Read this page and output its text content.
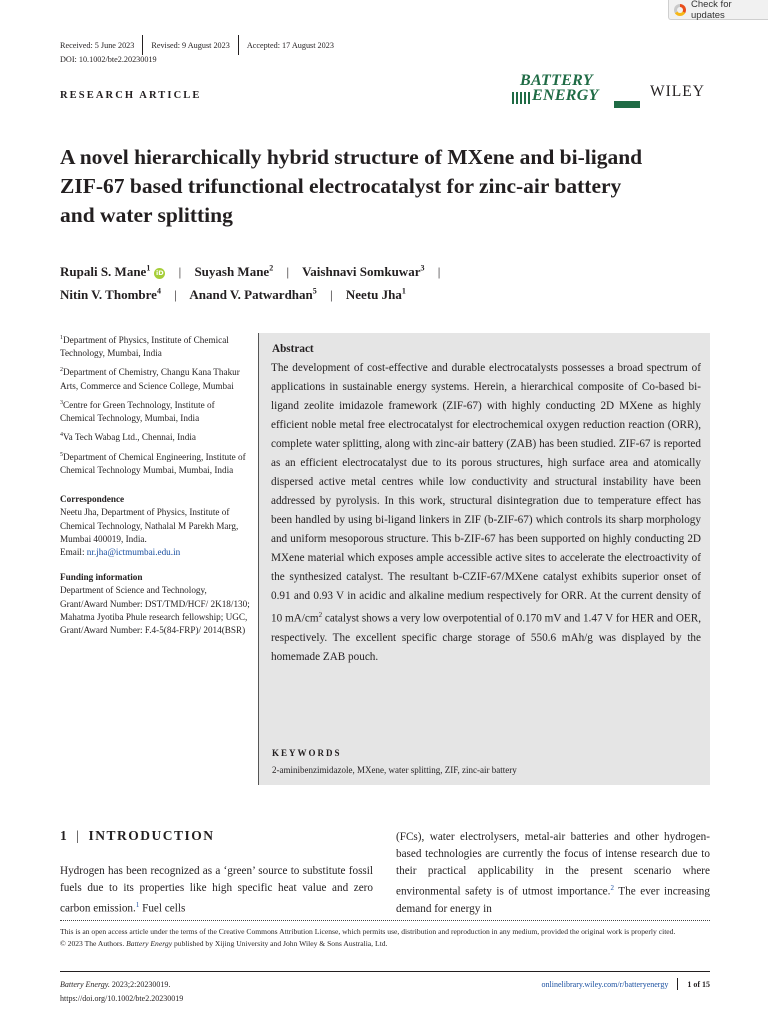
Check for updates
Received: 5 June 2023 Revised: 9 August 2023 Accepted: 17 August 2023
DOI: 10.1002/bte2.20230019
RESEARCH ARTICLE
BATTERY
ENERGY	WILEY
A novel hierarchically hybrid structure of MXene and bi-ligand ZIF-67 based trifunctional electrocatalyst for zinc-air battery and water splitting
Rupali S. Mane$^1$iD | Suyash Mane$^2$ | Vaishnavi Somkuwar$^3$ |
Nitin V. Thombre$^4$ | Anand V. Patwardhan$^5$ | Neetu Jha$^1$
$^1$Department of Physics, Institute of Chemical Technology, Mumbai, India
$^2$Department of Chemistry, Changu Kana Thakur Arts, Commerce and Science College, Mumbai
$^3$Centre for Green Technology, Institute of Chemical Technology, Mumbai, India
$^4$Va Tech Wabag Ltd., Chennai, India
$^5$Department of Chemical Engineering, Institute of Chemical Technology Mumbai, Mumbai, India
Correspondence
Neetu Jha, Department of Physics, Institute of Chemical Technology, Nathalal M Parekh Marg, Mumbai 400019, India.
Email: nr.jha@ictmumbai.edu.in
Funding information
Department of Science and Technology, Grant/Award Number: DST/TMD/HCF/ 2K18/130; Mahatma Jyotiba Phule research fellowship; UGC, Grant/Award Number: F.4-5(84-FRP)/ 2014(BSR)
Abstract
The development of cost-effective and durable electrocatalysts possesses a broad spectrum of applications in sustainable energy systems. Herein, a hierarchical composite of Co-based bi-ligand zeolite imidazole framework (ZIF-67) with highly conducting 2D MXene as highly efficient noble metal free electrocatalyst for electrochemical oxygen reduction reaction (ORR), complete water splitting, along with zinc-air battery (ZAB) has been studied. ZIF-67 is reported as an efficient electrocatalyst due to its porous structures, high surface area and atomically dispersed active metal centres while low conductivity and structural instability have been addressed by pyrolysis. In this work, structural disintegration due to temperature effect has been handled by using bi-ligand linkers in ZIF (b-ZIF-67) which controls its sharp morphology and uniform mesoporous structure. This b-ZIF-67 has been supported on highly conducting 2D MXene material which exposes ample accessible active sites to accelerate the electroactivity of the synthesized catalyst. The resultant b-CZIF-67/MXene catalyst exhibits superior onset of 0.91 and 0.93 V in acidic and alkaline medium respectively for ORR. At the current density of 10 $mA/cm^2$ catalyst shows a very low overpotential of 0.170 mV and 1.47 V for HER and OER, respectively. The excellent specific charge storage of 550.6 mAh/g was displayed by the homemade ZAB pouch.
KEYWORDS
2-aminibenzimidazole, MXene, water splitting, ZIF, zinc-air battery
1 | INTRODUCTION
Hydrogen has been recognized as a ‘green’ source to substitute fossil fuels due to its properties like high specific heat value and zero carbon emission.$^1$ Fuel cells
(FCs), water electrolysers, metal-air batteries and other hydrogen-based technologies are currently the focus of intense research due to their practical applicability in the present scenario where environmental safety is of utmost importance.$^2$ The ever increasing demand for energy in
This is an open access article under the terms of the Creative Commons Attribution License, which permits use, distribution and reproduction in any medium, provided the original work is properly cited.
© 2023 The Authors. Battery Energy published by Xijing University and John Wiley & Sons Australia, Ltd.
Battery Energy. 2023;2:20230019.
https://doi.org/10.1002/bte2.20230019
onlinelibrary.wiley.com/r/batteryenergy 1 of 15
